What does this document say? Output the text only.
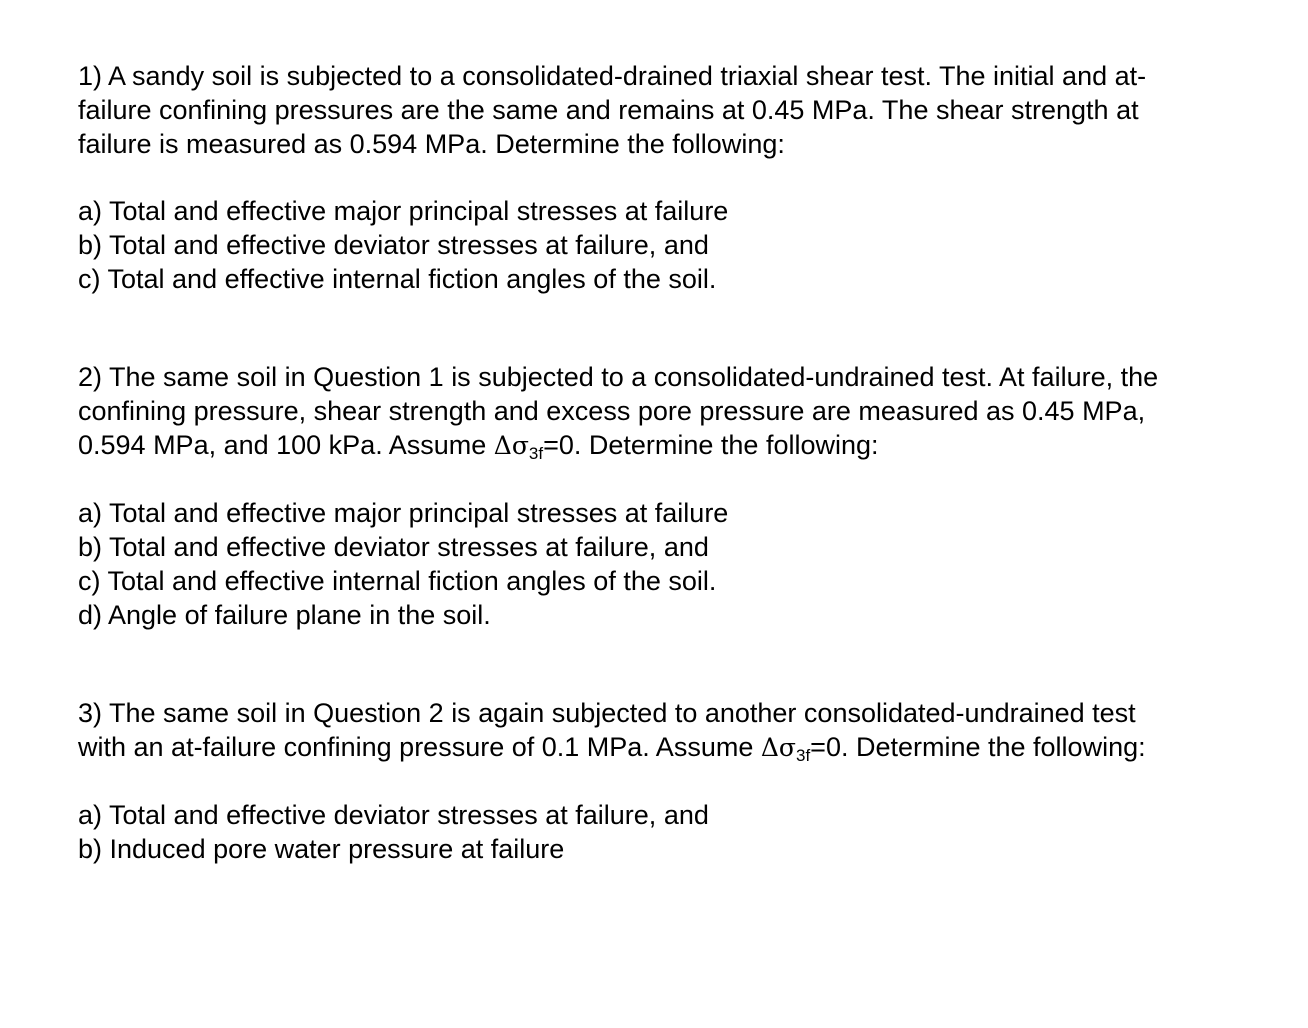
1) A sandy soil is subjected to a consolidated-drained triaxial shear test. The initial and at-failure confining pressures are the same and remains at 0.45 MPa. The shear strength at failure is measured as 0.594 MPa. Determine the following:

a) Total and effective major principal stresses at failure

b) Total and effective deviator stresses at failure, and

c) Total and effective internal fiction angles of the soil.

2) The same soil in Question 1 is subjected to a consolidated-undrained test. At failure, the confining pressure, shear strength and excess pore pressure are measured as 0.45 MPa, 0.594 MPa, and 100 kPa. Assume $\Delta\sigma_{3f}=0$. Determine the following:

a) Total and effective major principal stresses at failure

b) Total and effective deviator stresses at failure, and

c) Total and effective internal fiction angles of the soil.

d) Angle of failure plane in the soil.

3) The same soil in Question 2 is again subjected to another consolidated-undrained test with an at-failure confining pressure of 0.1 MPa. Assume $\Delta\sigma_{3f}=0$. Determine the following:

a) Total and effective deviator stresses at failure, and

b) Induced pore water pressure at failure
